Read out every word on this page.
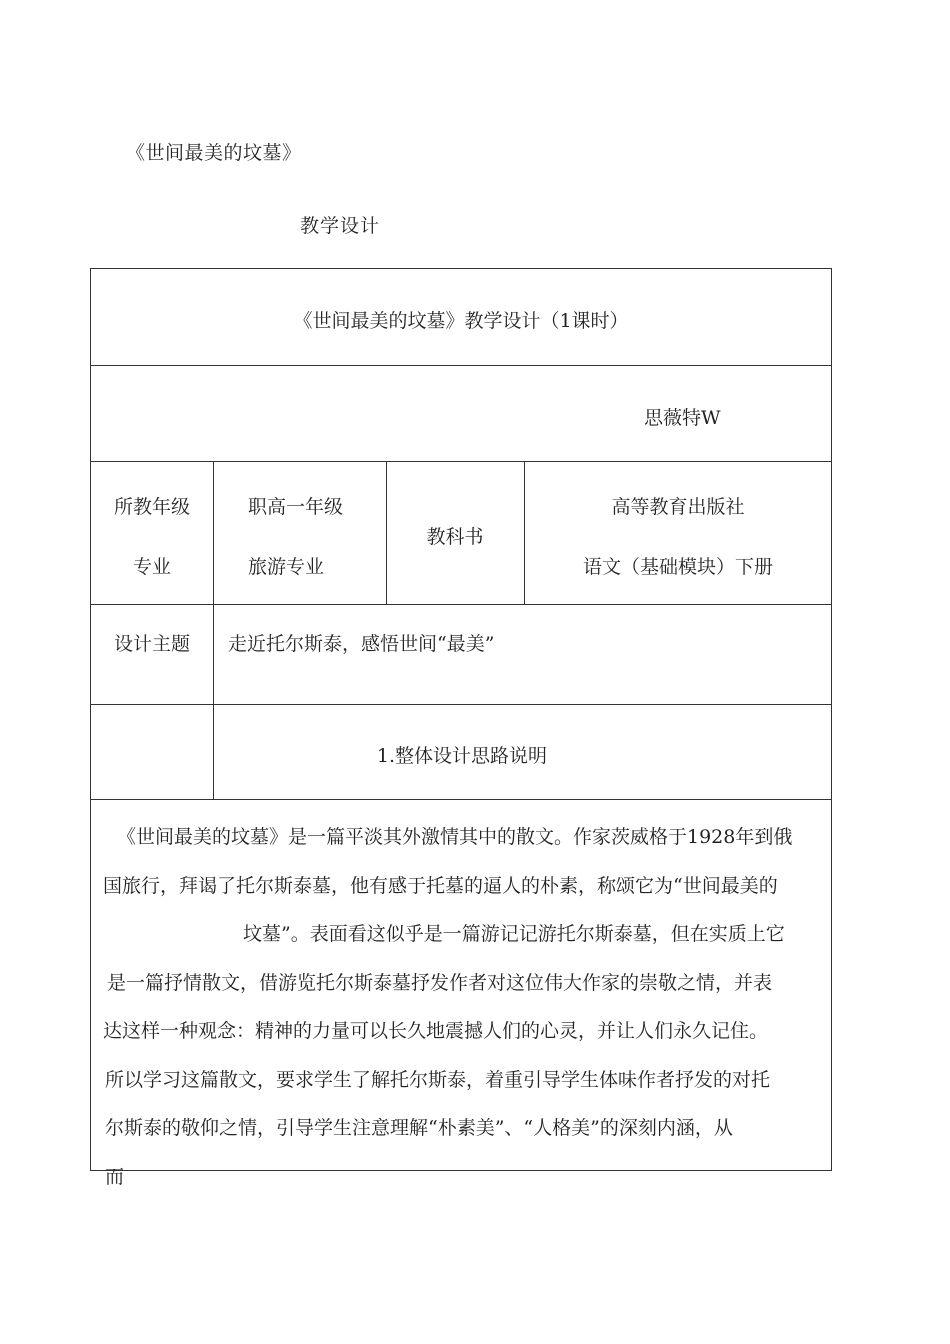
《世间最美的坟墓》
教学设计
《世间最美的坟墓》教学设计（1课时）
思薇特W
所教年级
专业
职高一年级
旅游专业
教科书
高等教育出版社
语文（基础模块）下册
设计主题 走近托尔斯泰，感悟世间“最美”
1.整体设计思路说明
《世间最美的坟墓》是一篇平淡其外激情其中的散文。作家茨威格于1928年到俄
国旅行，拜谒了托尔斯泰墓，他有感于托墓的逼人的朴素，称颂它为“世间最美的
坟墓”。表面看这似乎是一篇游记记游托尔斯泰墓，但在实质上它
是一篇抒情散文，借游览托尔斯泰墓抒发作者对这位伟大作家的崇敬之情，并表
达这样一种观念：精神的力量可以长久地震撼人们的心灵，并让人们永久记住。
所以学习这篇散文，要求学生了解托尔斯泰，着重引导学生体味作者抒发的对托
尔斯泰的敬仰之情，引导学生注意理解“朴素美”、“人格美”的深刻内涵，从
而
